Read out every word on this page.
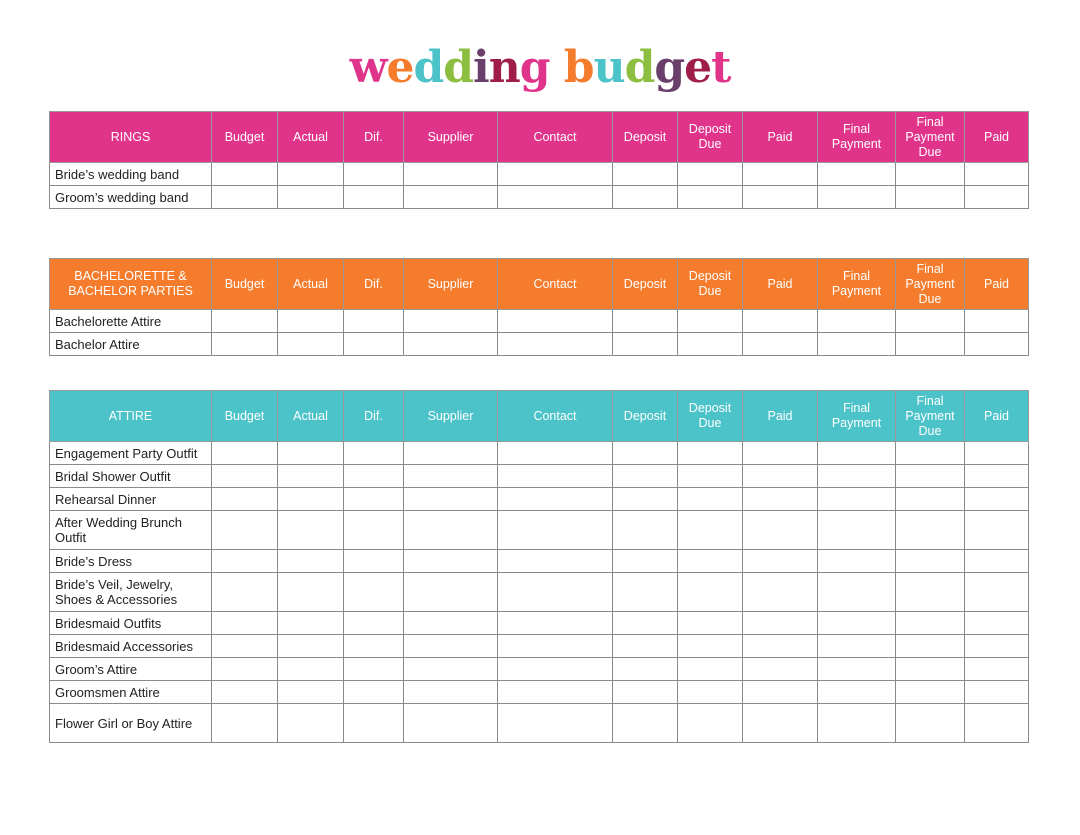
wedding budget
RINGS	Budget	Actual	Dif.	Supplier	Contact	Deposit	Deposit Due	Paid	Final Payment	Final Payment Due	Paid
Bride’s wedding band											
Groom’s wedding band											
BACHELORETTE & BACHELOR PARTIES	Budget	Actual	Dif.	Supplier	Contact	Deposit	Deposit Due	Paid	Final Payment	Final Payment Due	Paid
Bachelorette Attire											
Bachelor Attire											
ATTIRE	Budget	Actual	Dif.	Supplier	Contact	Deposit	Deposit Due	Paid	Final Payment	Final Payment Due	Paid
Engagement Party Outfit											
Bridal Shower Outfit											
Rehearsal Dinner											
After Wedding Brunch Outfit											
Bride’s Dress											
Bride’s Veil, Jewelry, Shoes & Accessories											
Bridesmaid Outfits											
Bridesmaid Accessories											
Groom’s Attire											
Groomsmen Attire											
Flower Girl or Boy Attire											
